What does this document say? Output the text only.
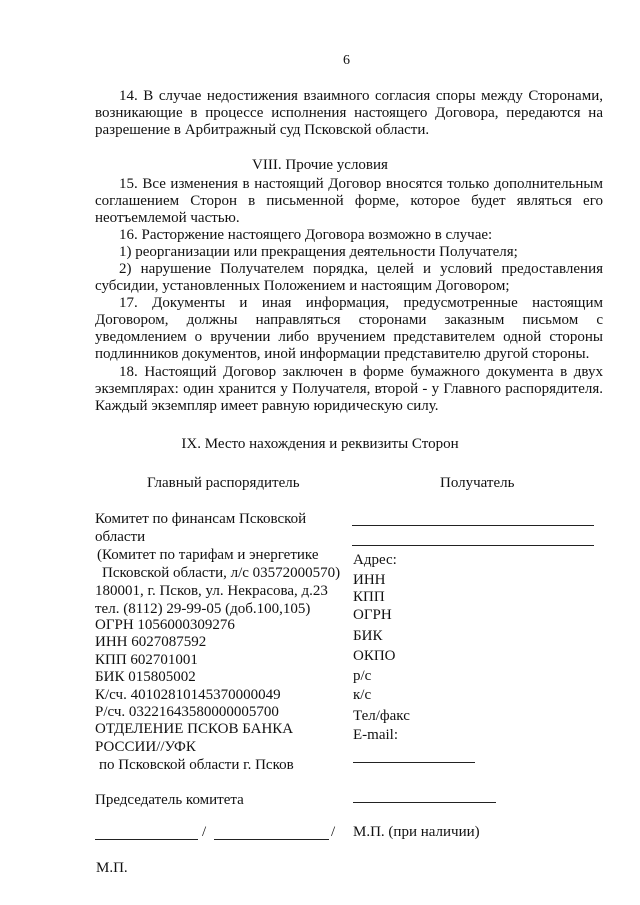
6
14. В случае недостижения взаимного согласия споры между Сторонами, возникающие в процессе исполнения настоящего Договора, передаются на разрешение в Арбитражный суд Псковской области.
VIII. Прочие условия
15. Все изменения в настоящий Договор вносятся только дополнительным соглашением Сторон в письменной форме, которое будет являться его неотъемлемой частью.
16. Расторжение настоящего Договора возможно в случае:
1) реорганизации или прекращения деятельности Получателя;
2) нарушение Получателем порядка, целей и условий предоставления субсидии, установленных Положением и настоящим Договором;
17. Документы и иная информация, предусмотренные настоящим Договором, должны направляться сторонами заказным письмом с уведомлением о вручении либо вручением представителем одной стороны подлинников документов, иной информации представителю другой стороны.
18. Настоящий Договор заключен в форме бумажного документа в двух экземплярах: один хранится у Получателя, второй - у Главного распорядителя. Каждый экземпляр имеет равную юридическую силу.
IX. Место нахождения и реквизиты Сторон
Главный распорядитель	Получатель
Комитет по финансам Псковской
области
(Комитет по тарифам и энергетике
Псковской области, л/с 03572000570)
180001, г. Псков, ул. Некрасова, д.23
тел. (8112) 29-99-05 (доб.100,105)
ОГРН 1056000309276
ИНН 6027087592
КПП 602701001
БИК 015805002
К/сч. 40102810145370000049
Р/сч. 03221643580000005700
ОТДЕЛЕНИЕ ПСКОВ БАНКА
РОССИИ//УФК
по Псковской области г. Псков
Адрес:
ИНН
КПП
ОГРН
БИК
ОКПО
р/с
к/с
Тел/факс
E-mail:
Председатель комитета
/	/ М.П. (при наличии)
М.П.
